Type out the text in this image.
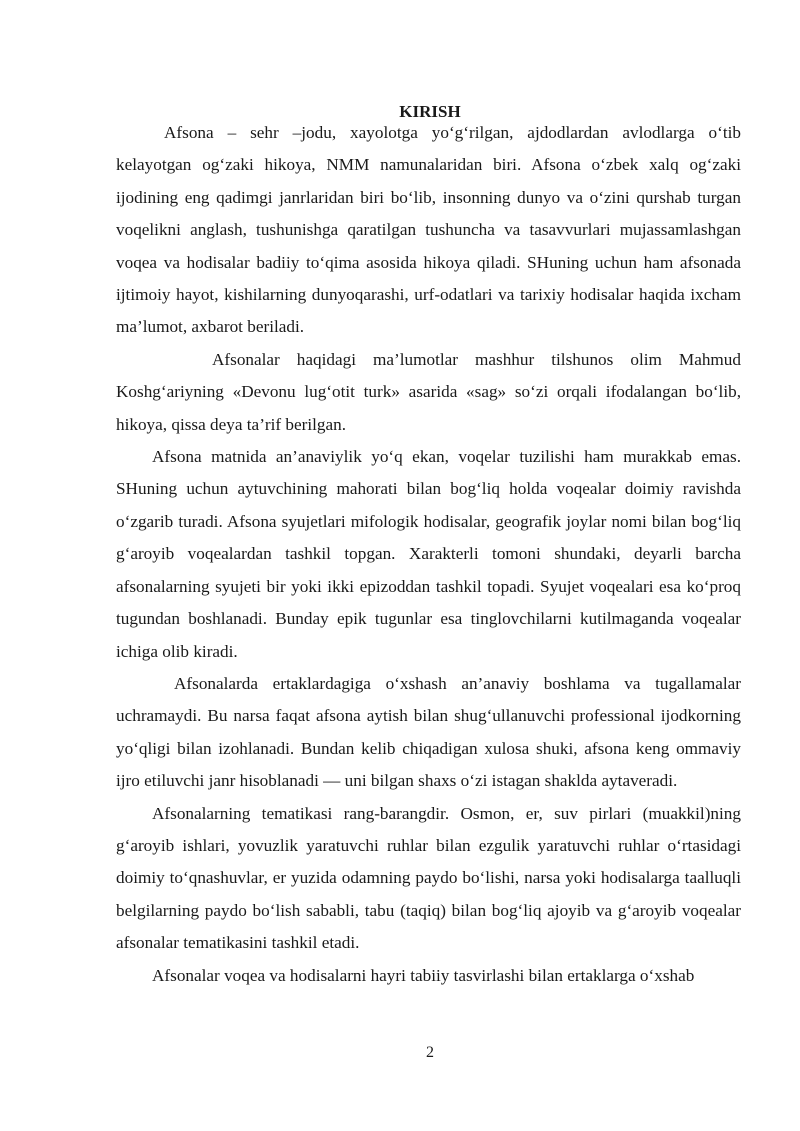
KIRISH

Afsona – sehr –jodu, xayolotga yo‘g‘rilgan, ajdodlardan avlodlarga o‘tib kelayotgan og‘zaki hikoya, NMM namunalaridan biri. Afsona o‘zbek xalq og‘zaki ijodining eng qadimgi janrlaridan biri bo‘lib, insonning dunyo va o‘zini qurshab turgan voqelikni anglash, tushunishga qaratilgan tushuncha va tasavvurlari mujassamlashgan voqea va hodisalar badiiy to‘qima asosida hikoya qiladi. SHuning uchun ham afsonada ijtimoiy hayot, kishilarning dunyoqarashi, urf-odatlari va tarixiy hodisalar haqida ixcham ma’lumot, axbarot beriladi.

Afsonalar haqidagi ma’lumotlar mashhur tilshunos olim Mahmud Koshg‘ariyning «Devonu lug‘otit turk» asarida «sag» so‘zi orqali ifodalangan bo‘lib, hikoya, qissa deya ta’rif berilgan.

Afsona matnida an’anaviylik yo‘q ekan, voqelar tuzilishi ham murakkab emas. SHuning uchun aytuvchining mahorati bilan bog‘liq holda voqealar doimiy ravishda o‘zgarib turadi. Afsona syujetlari mifologik hodisalar, geografik joylar nomi bilan bog‘liq g‘aroyib voqealardan tashkil topgan. Xarakterli tomoni shundaki, deyarli barcha afsonalarning syujeti bir yoki ikki epizoddan tashkil topadi. Syujet voqealari esa ko‘proq tugundan boshlanadi. Bunday epik tugunlar esa tinglovchilarni kutilmaganda voqealar ichiga olib kiradi.

Afsonalarda ertaklardagiga o‘xshash an’anaviy boshlama va tugallamalar uchramaydi. Bu narsa faqat afsona aytish bilan shug‘ullanuvchi professional ijodkorning yo‘qligi bilan izohlanadi. Bundan kelib chiqadigan xulosa shuki, afsona keng ommaviy ijro etiluvchi janr hisoblanadi — uni bilgan shaxs o‘zi istagan shaklda aytaveradi.

Afsonalarning tematikasi rang-barangdir. Osmon, er, suv pirlari (muakkil)ning g‘aroyib ishlari, yovuzlik yaratuvchi ruhlar bilan ezgulik yaratuvchi ruhlar o‘rtasidagi doimiy to‘qnashuvlar, er yuzida odamning paydo bo‘lishi, narsa yoki hodisalarga taalluqli belgilarning paydo bo‘lish sababli, tabu (taqiq) bilan bog‘liq ajoyib va g‘aroyib voqealar afsonalar tematikasini tashkil etadi.

Afsonalar voqea va hodisalarni hayri tabiiy tasvirlashi bilan ertaklarga o‘xshab

2
